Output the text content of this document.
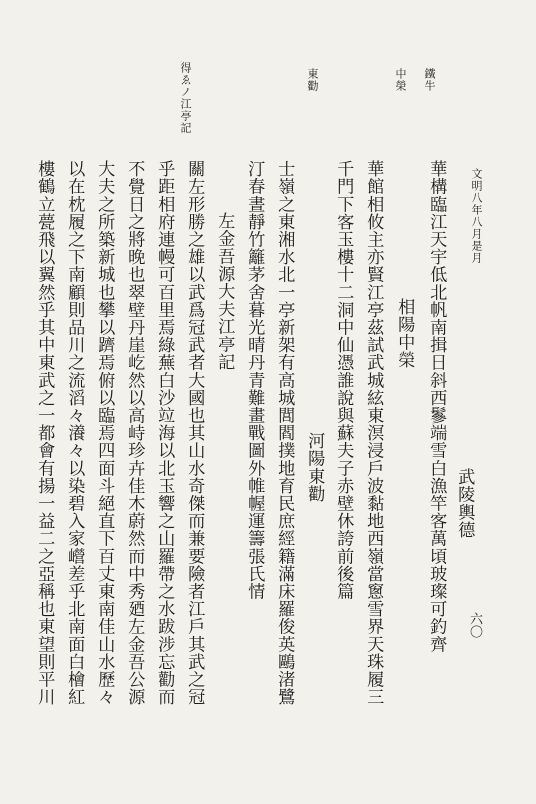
文明八年八月是月
六〇
鐵牛
中榮
東勸
得ゑノ江亭記
武陵輿德
華構臨江天宇低北帆南揖日斜西鬖端雪白漁竿客萬頃玻璨可釣齊
相陽中榮
華館相攸主亦賢江亭茲試武城絃東溟浸戶波黏地西嶺當窻雪界天珠履三
千門下客玉樓十二洞中仙憑誰說與蘇夫子赤壁休誇前後篇
河陽東勸
士嶺之東湘水北一亭新架有高城閭閻撲地育民庶經籍滿床羅俊英鷗渚鷺
汀春晝靜竹籬茅舍暮光晴丹青難畫戰圖外帷幄運籌張氏情
左金吾源大夫江亭記
關左形勝之雄以武爲冠武者大國也其山水奇傑而兼要險者江戶其武之冠
乎距相府連幔可百里焉綠蕪白沙竝海以北玉響之山羅帶之水跋涉忘勸而
不覺日之將晚也翠壁丹崖屹然以高峙珍卉佳木蔚然而中秀廼左金吾公源
大夫之所築新城也攀以躋焉俯以臨焉四面斗絕直下百丈東南佳山水歷々
以在枕履之下南顧則品川之流滔々瀁々以染碧入家巆差乎北南面白檜紅
樓鶴立甍飛以翼然乎其中東武之一都會有揚一益二之亞稱也東望則平川
